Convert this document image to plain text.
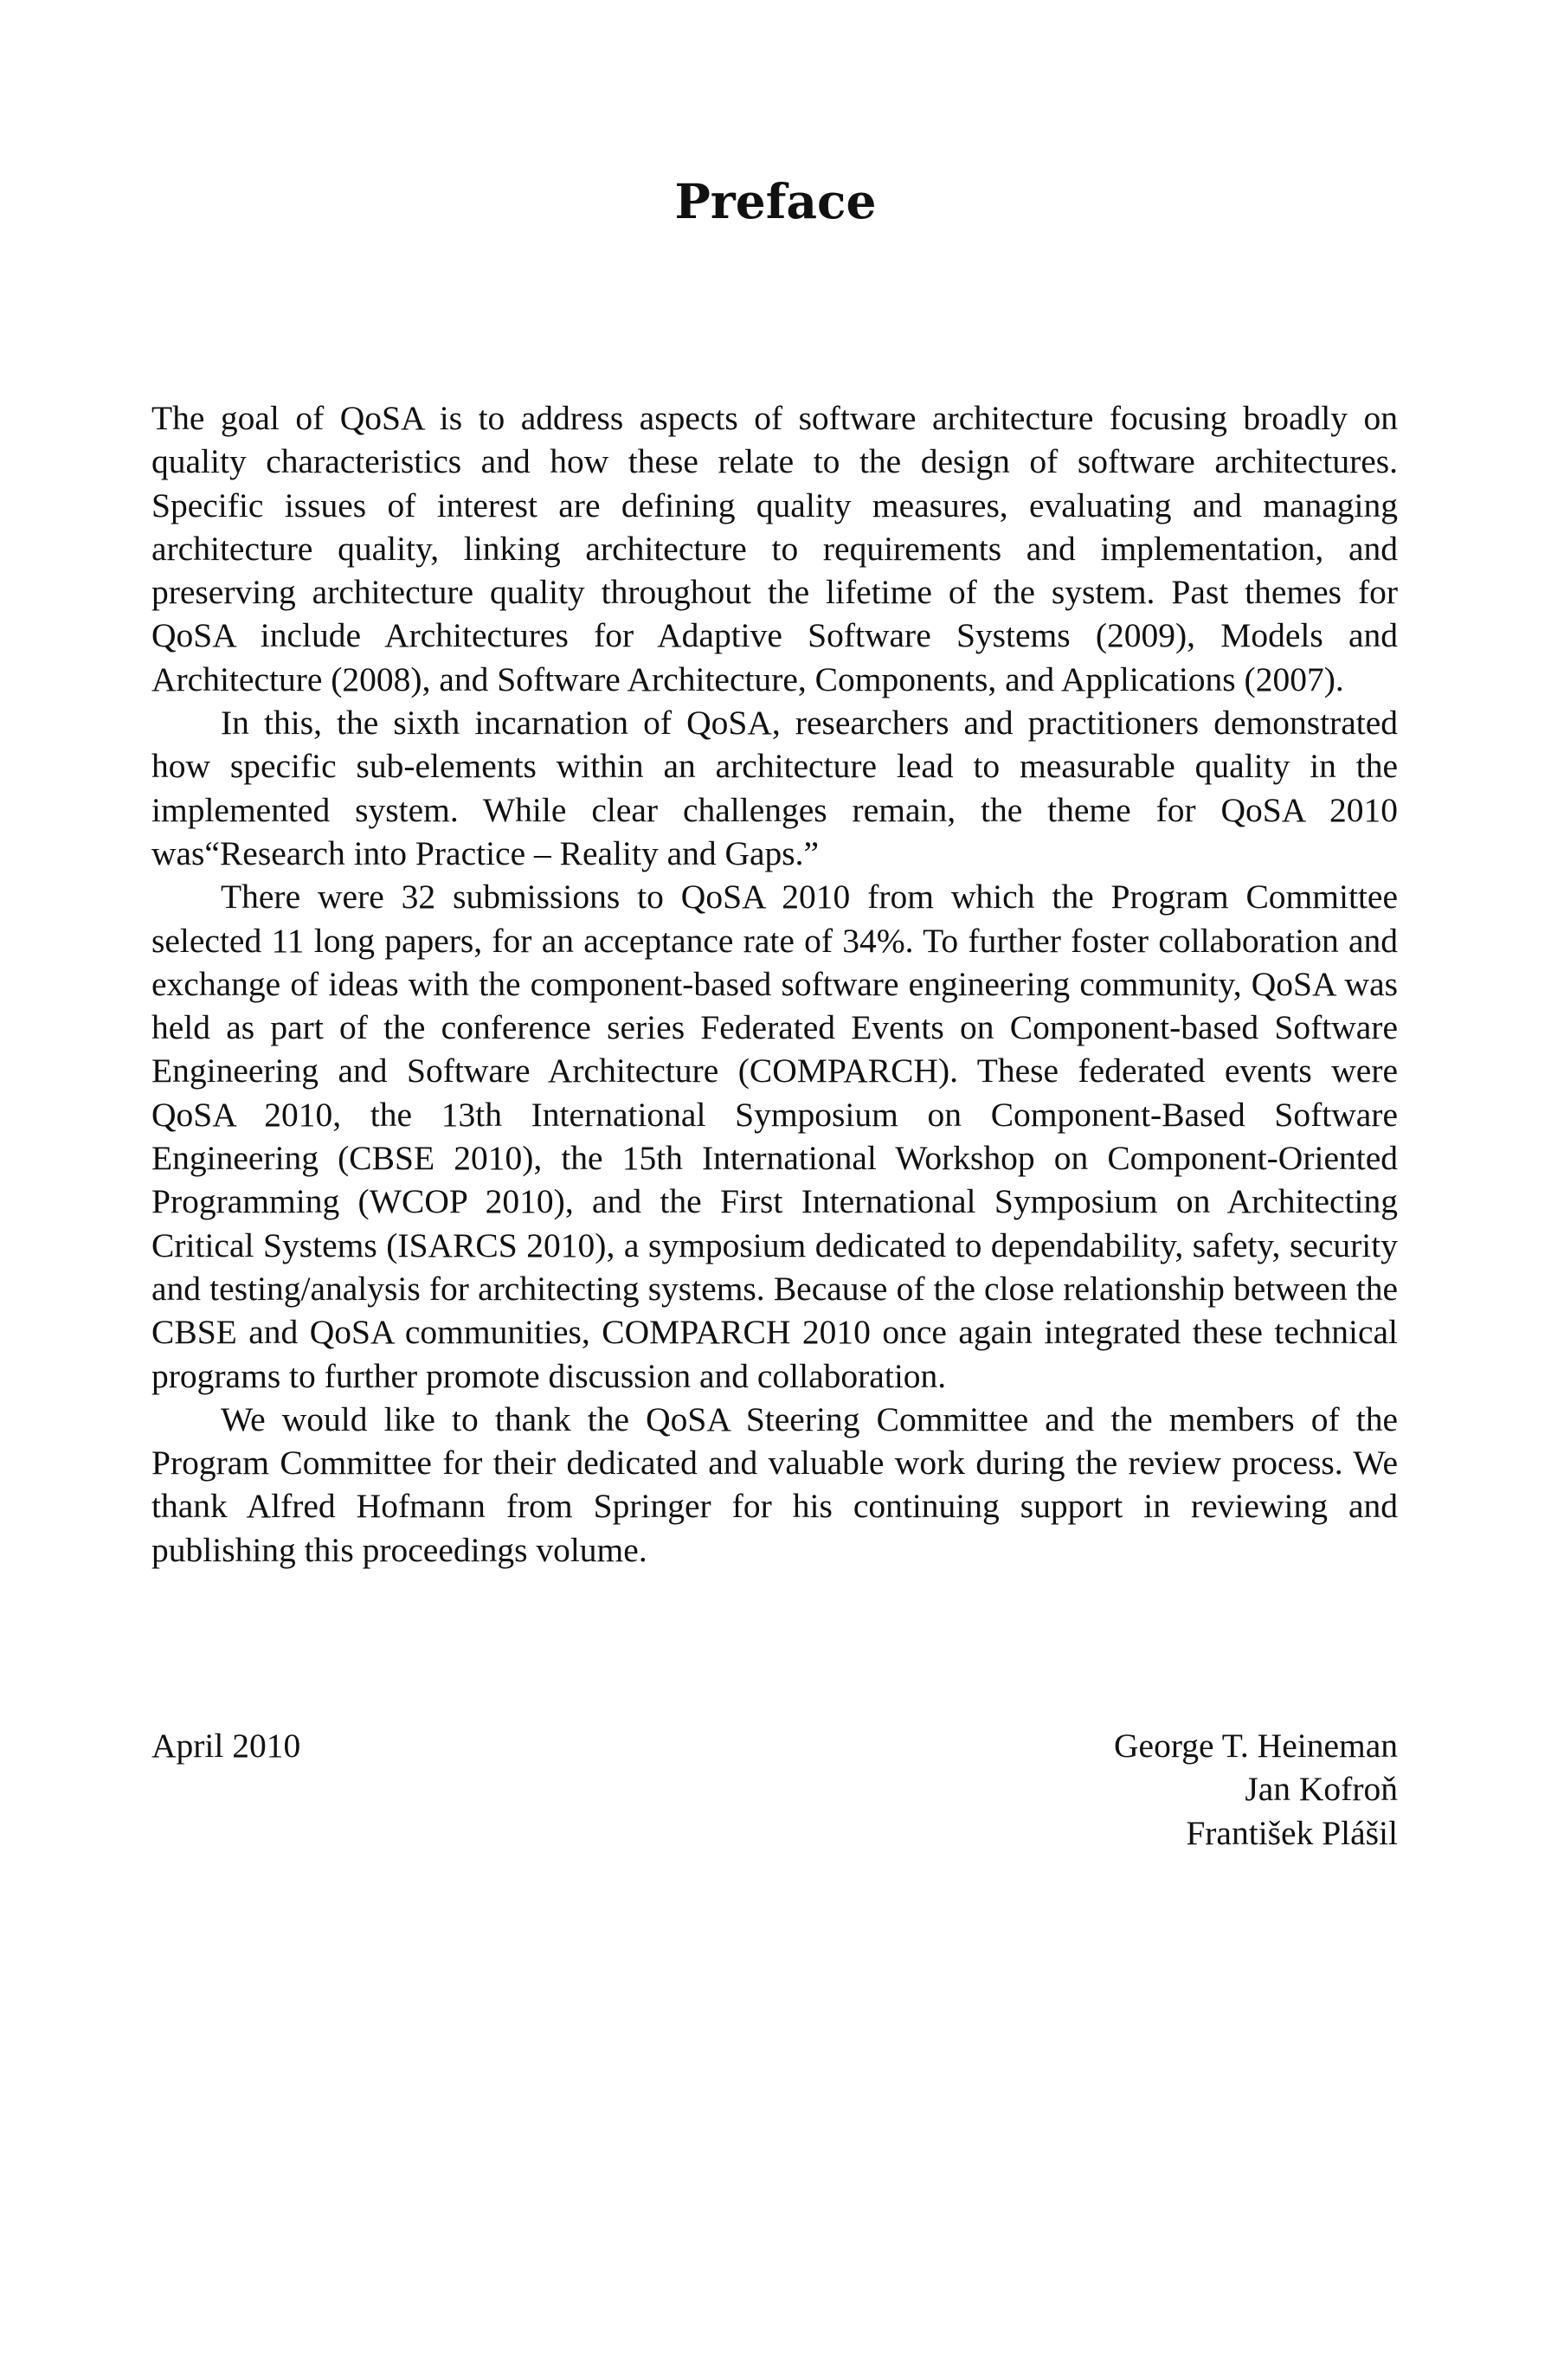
Preface

The goal of QoSA is to address aspects of software architecture focusing broadly on quality characteristics and how these relate to the design of software architectures. Specific issues of interest are defining quality measures, evaluating and managing architecture quality, linking architecture to requirements and implementation, and preserving architecture quality throughout the lifetime of the system. Past themes for QoSA include Architectures for Adaptive Software Systems (2009), Models and Architecture (2008), and Software Architecture, Components, and Applications (2007).

In this, the sixth incarnation of QoSA, researchers and practitioners demonstrated how specific sub-elements within an architecture lead to measurable quality in the implemented system. While clear challenges remain, the theme for QoSA 2010 was“Research into Practice – Reality and Gaps.”

There were 32 submissions to QoSA 2010 from which the Program Committee selected 11 long papers, for an acceptance rate of 34%. To further foster collaboration and exchange of ideas with the component-based software engineering community, QoSA was held as part of the conference series Federated Events on Component-based Software Engineering and Software Architecture (COMPARCH). These federated events were QoSA 2010, the 13th International Symposium on Component-Based Software Engineering (CBSE 2010), the 15th International Workshop on Component-Oriented Programming (WCOP 2010), and the First International Symposium on Architecting Critical Systems (ISARCS 2010), a symposium dedicated to dependability, safety, security and testing/analysis for architecting systems. Because of the close relationship between the CBSE and QoSA communities, COMPARCH 2010 once again integrated these technical programs to further promote discussion and collaboration.

We would like to thank the QoSA Steering Committee and the members of the Program Committee for their dedicated and valuable work during the review process. We thank Alfred Hofmann from Springer for his continuing support in reviewing and publishing this proceedings volume.

April 2010	George T. Heineman
Jan Kofroň
František Plášil
